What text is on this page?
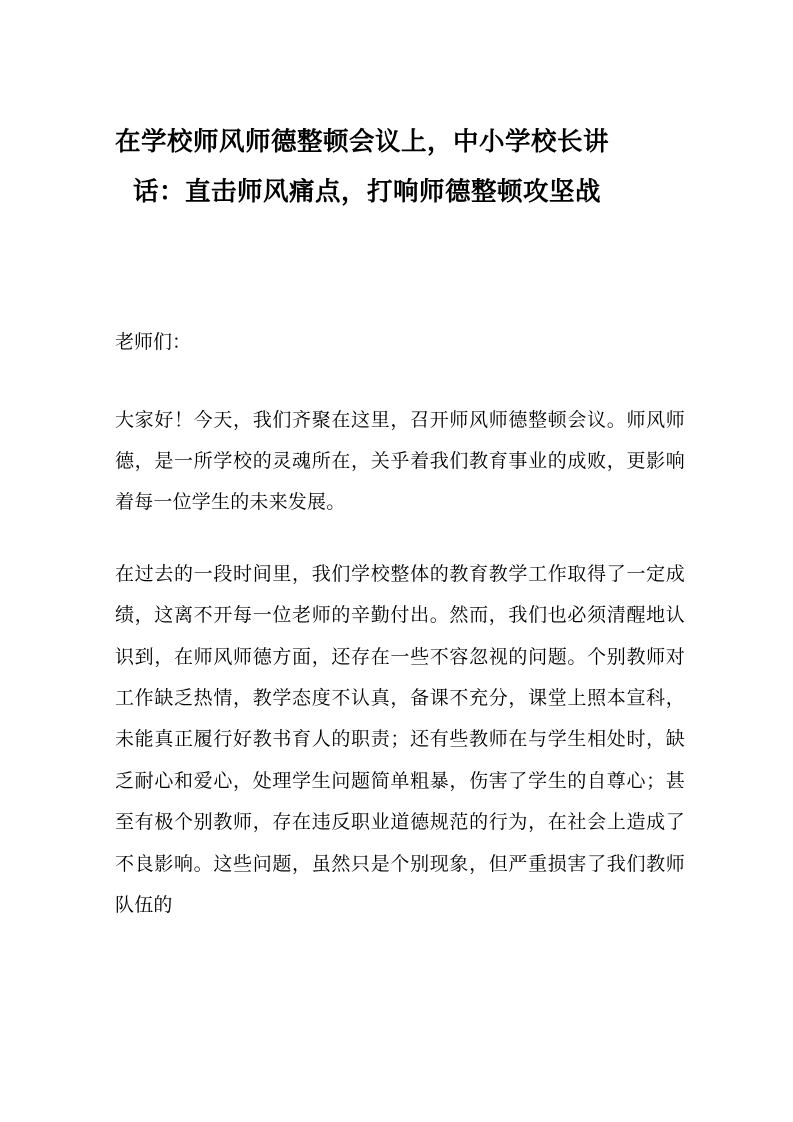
在学校师风师德整顿会议上，中小学校长讲
话：直击师风痛点，打响师德整顿攻坚战

老师们：

大家好！今天，我们齐聚在这里，召开师风师德整顿会议。师风师德，是一所学校的灵魂所在，关乎着我们教育事业的成败，更影响着每一位学生的未来发展。

在过去的一段时间里，我们学校整体的教育教学工作取得了一定成绩，这离不开每一位老师的辛勤付出。然而，我们也必须清醒地认识到，在师风师德方面，还存在一些不容忽视的问题。个别教师对工作缺乏热情，教学态度不认真，备课不充分，课堂上照本宣科，未能真正履行好教书育人的职责；还有些教师在与学生相处时，缺乏耐心和爱心，处理学生问题简单粗暴，伤害了学生的自尊心；甚至有极个别教师，存在违反职业道德规范的行为，在社会上造成了不良影响。这些问题，虽然只是个别现象，但严重损害了我们教师队伍的
